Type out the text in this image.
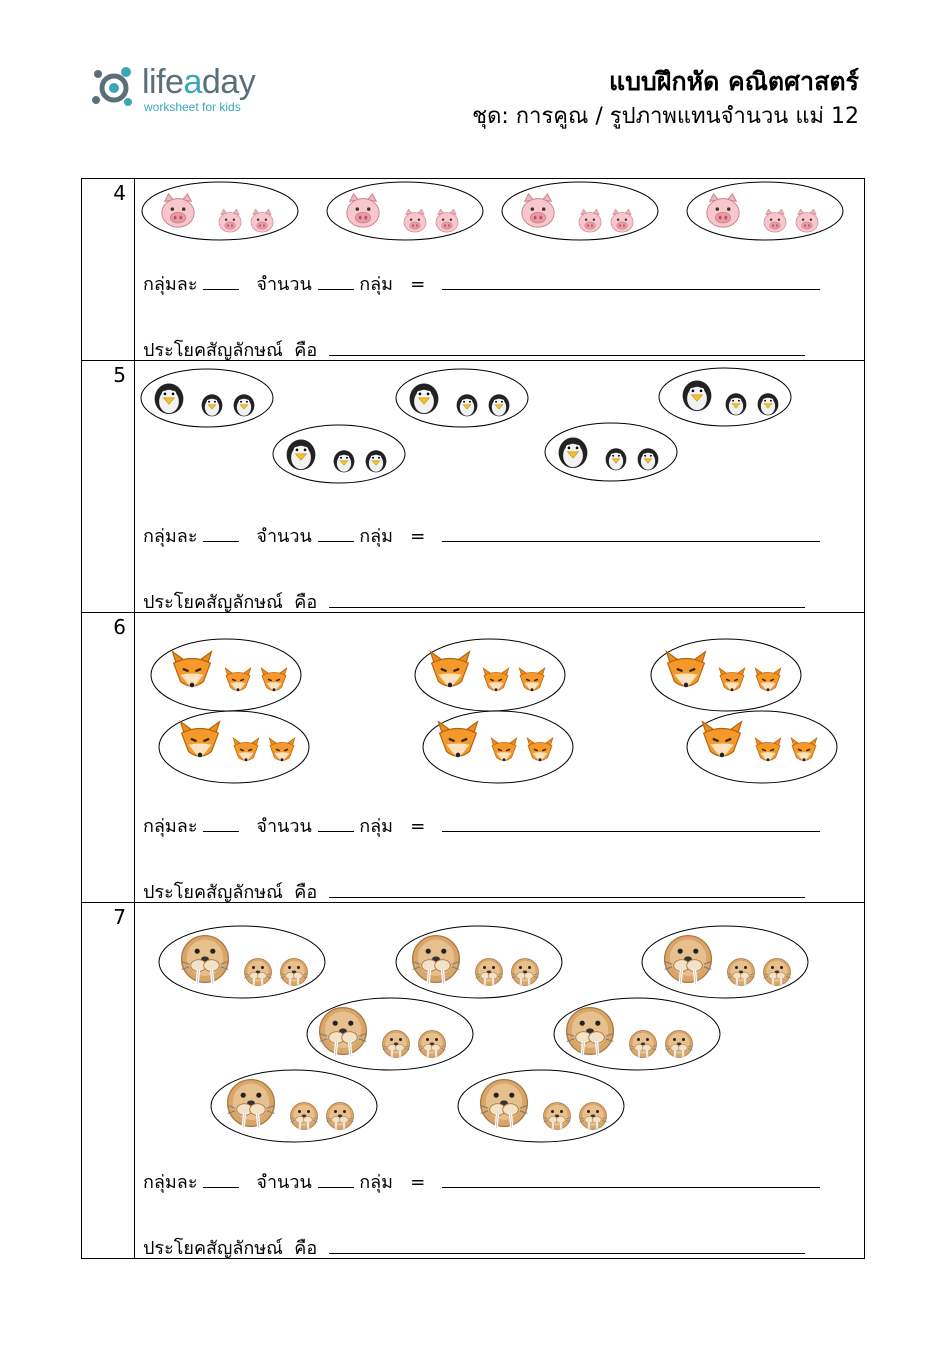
lifeaday
worksheet for kids
แบบฝึกหัด คณิตศาสตร์
ชุด: การคูณ / รูปภาพแทนจำนวน แม่ 12
4	กลุ่มละ จำนวน กลุ่ม =
ประโยคสัญลักษณ์ คือ

5	กลุ่มละ จำนวน กลุ่ม =
ประโยคสัญลักษณ์ คือ

6	กลุ่มละ จำนวน กลุ่ม =
ประโยคสัญลักษณ์ คือ

7	กลุ่มละ จำนวน กลุ่ม =
ประโยคสัญลักษณ์ คือ
